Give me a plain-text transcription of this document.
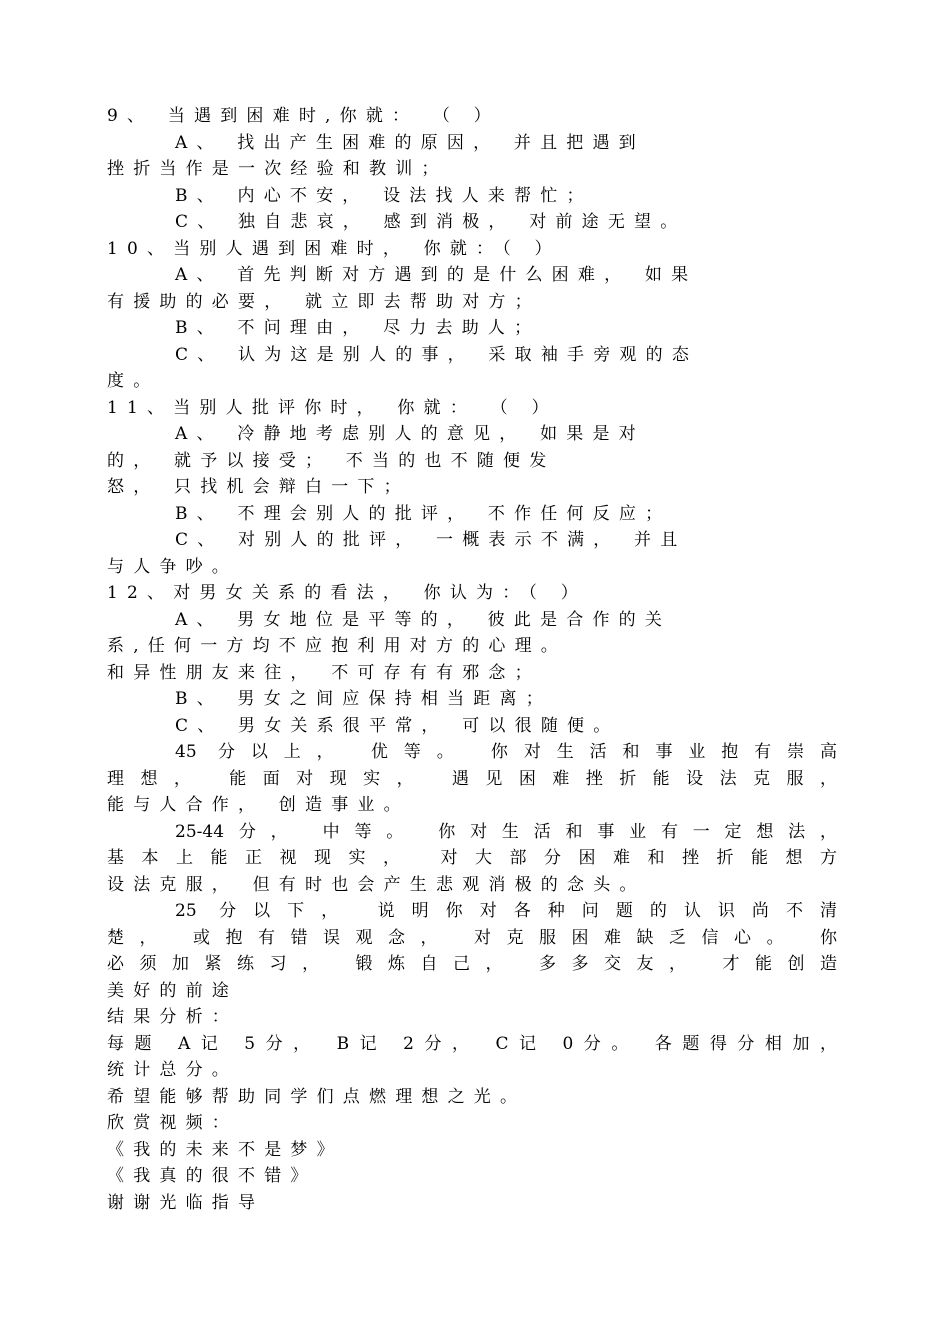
9、 当遇到困难时,你就： （ ）
A、 找出产生困难的原因， 并且把遇到
挫折当作是一次经验和教训；
B、 内心不安， 设法找人来帮忙；
C、 独自悲哀， 感到消极， 对前途无望。
10、当别人遇到困难时， 你就：（ ）
A、 首先判断对方遇到的是什么困难， 如果
有援助的必要， 就立即去帮助对方；
B、 不问理由， 尽力去助人；
C、 认为这是别人的事， 采取袖手旁观的态
度。
11、当别人批评你时， 你就： （ ）
A、 冷静地考虑别人的意见， 如果是对
的， 就予以接受； 不当的也不随便发
怒， 只找机会辩白一下；
B、 不理会别人的批评， 不作任何反应；
C、 对别人的批评， 一概表示不满， 并且
与人争吵。
12、对男女关系的看法， 你认为：（ ）
A、 男女地位是平等的， 彼此是合作的关
系,任何一方均不应抱利用对方的心理。
和异性朋友来往， 不可存有有邪念；
B、 男女之间应保持相当距离；
C、 男女关系很平常， 可以很随便。
45 分以上， 优等。 你对生活和事业抱有崇高
理想， 能面对现实， 遇见困难挫折能设法克服，
能与人合作， 创造事业。
25-44分， 中等。 你对生活和事业有一定想法，
基本上能正视现实， 对大部分困难和挫折能想方
设法克服， 但有时也会产生悲观消极的念头。
25 分以下， 说明你对各种问题的认识尚不清
楚， 或抱有错误观念， 对克服困难缺乏信心。 你
必须加紧练习， 锻炼自己， 多多交友， 才能创造
美好的前途
结果分析：
每题 A记 5分， B记 2分， C记 0分。 各题得分相加，
统计总分。
希望能够帮助同学们点燃理想之光。
欣赏视频：
《我的未来不是梦》
《我真的很不错》
谢谢光临指导
